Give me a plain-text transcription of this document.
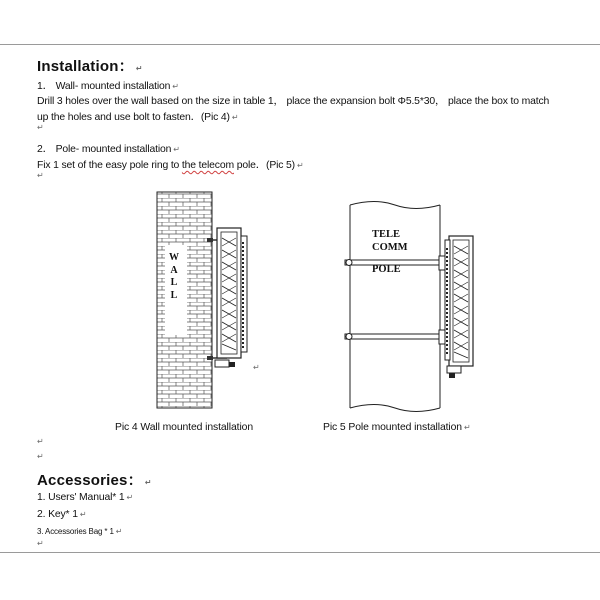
Installation： ↵
1． Wall- mounted installation ↵
Drill 3 holes over the wall based on the size in table 1， place the expansion bolt Φ5.5*30， place the box to match
up the holes and use bolt to fasten．(Pic 4) ↵
↵
2． Pole- mounted installation ↵
Fix 1 set of the easy pole ring to the telecom pole．(Pic 5) ↵
↵
↵
W
A
L
L
TELE
COMM
POLE
Pic 4 Wall mounted installation	Pic 5 Pole mounted installation ↵
↵
↵
Accessories： ↵
1. Users' Manual* 1 ↵
2. Key* 1 ↵
3. Accessories Bag * 1 ↵
↵
